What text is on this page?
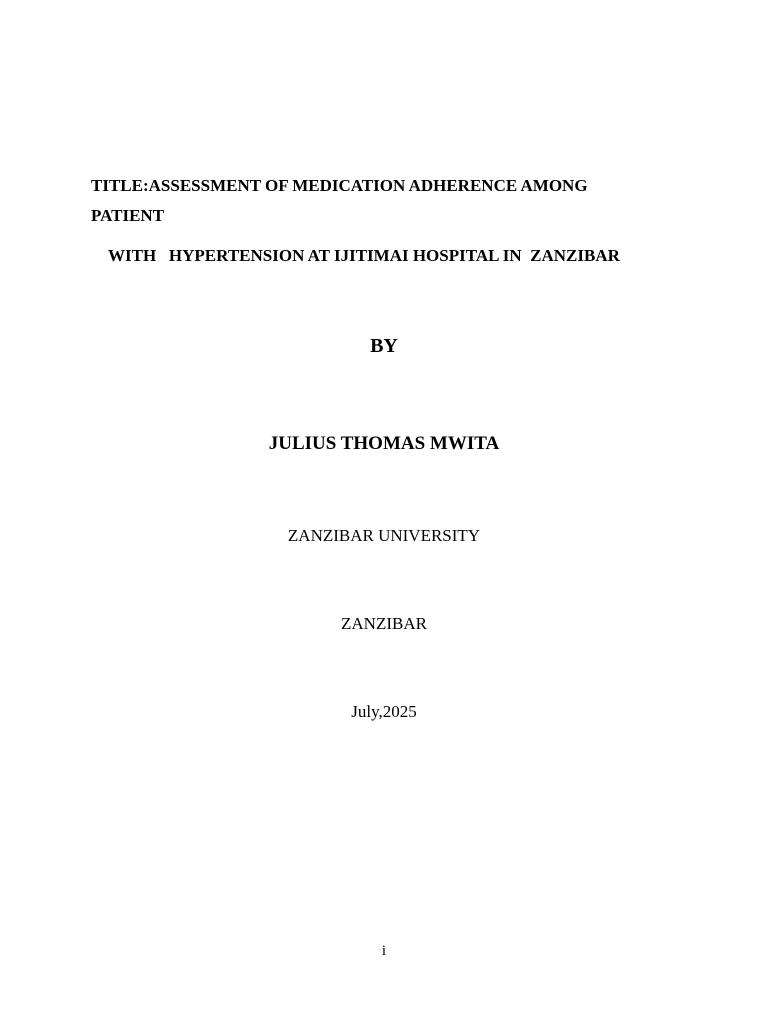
TITLE:ASSESSMENT OF MEDICATION ADHERENCE AMONG PATIENT
WITH   HYPERTENSION AT IJITIMAI HOSPITAL IN  ZANZIBAR
BY
JULIUS THOMAS MWITA
ZANZIBAR UNIVERSITY
ZANZIBAR
July,2025
i
